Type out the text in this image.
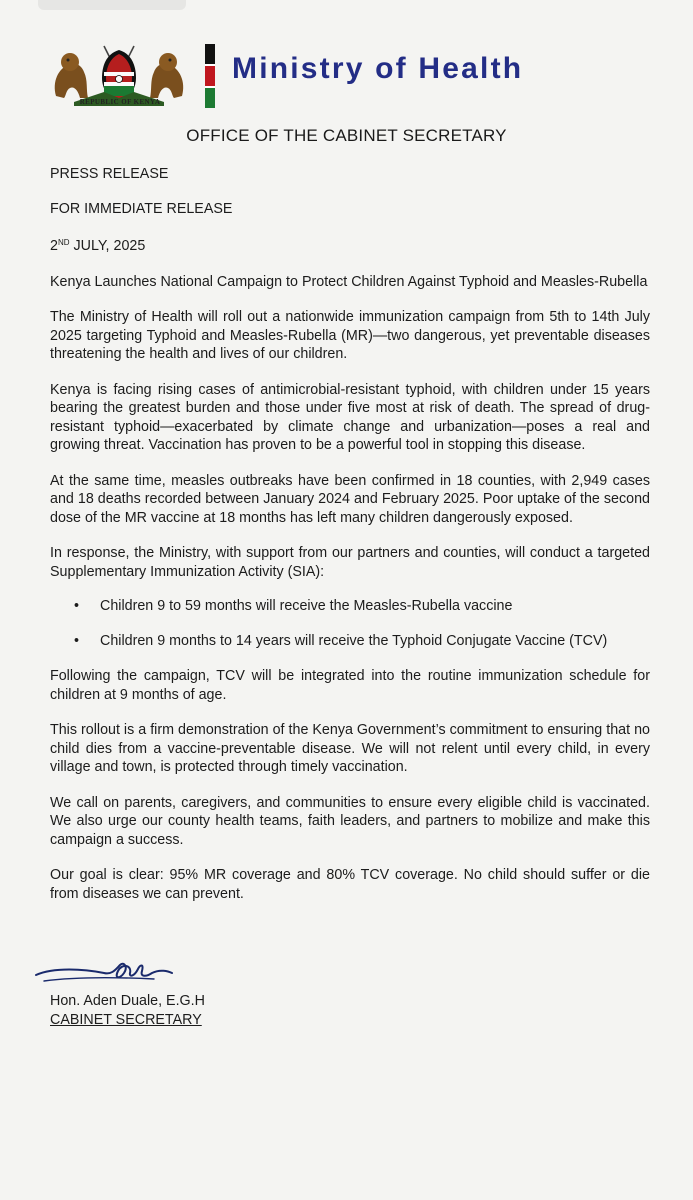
REPUBLIC OF KENYA
Ministry of Health
OFFICE OF THE CABINET SECRETARY
PRESS RELEASE
FOR IMMEDIATE RELEASE
2ND JULY, 2025

Kenya Launches National Campaign to Protect Children Against Typhoid and Measles-Rubella

The Ministry of Health will roll out a nationwide immunization campaign from 5th to 14th July 2025 targeting Typhoid and Measles-Rubella (MR)—two dangerous, yet preventable diseases threatening the health and lives of our children.

Kenya is facing rising cases of antimicrobial-resistant typhoid, with children under 15 years bearing the greatest burden and those under five most at risk of death. The spread of drug-resistant typhoid—exacerbated by climate change and urbanization—poses a real and growing threat. Vaccination has proven to be a powerful tool in stopping this disease.

At the same time, measles outbreaks have been confirmed in 18 counties, with 2,949 cases and 18 deaths recorded between January 2024 and February 2025. Poor uptake of the second dose of the MR vaccine at 18 months has left many children dangerously exposed.

In response, the Ministry, with support from our partners and counties, will conduct a targeted Supplementary Immunization Activity (SIA):

• Children 9 to 59 months will receive the Measles-Rubella vaccine
• Children 9 months to 14 years will receive the Typhoid Conjugate Vaccine (TCV)

Following the campaign, TCV will be integrated into the routine immunization schedule for children at 9 months of age.

This rollout is a firm demonstration of the Kenya Government’s commitment to ensuring that no child dies from a vaccine-preventable disease. We will not relent until every child, in every village and town, is protected through timely vaccination.

We call on parents, caregivers, and communities to ensure every eligible child is vaccinated. We also urge our county health teams, faith leaders, and partners to mobilize and make this campaign a success.

Our goal is clear: 95% MR coverage and 80% TCV coverage. No child should suffer or die from diseases we can prevent.

Hon. Aden Duale, E.G.H
CABINET SECRETARY
